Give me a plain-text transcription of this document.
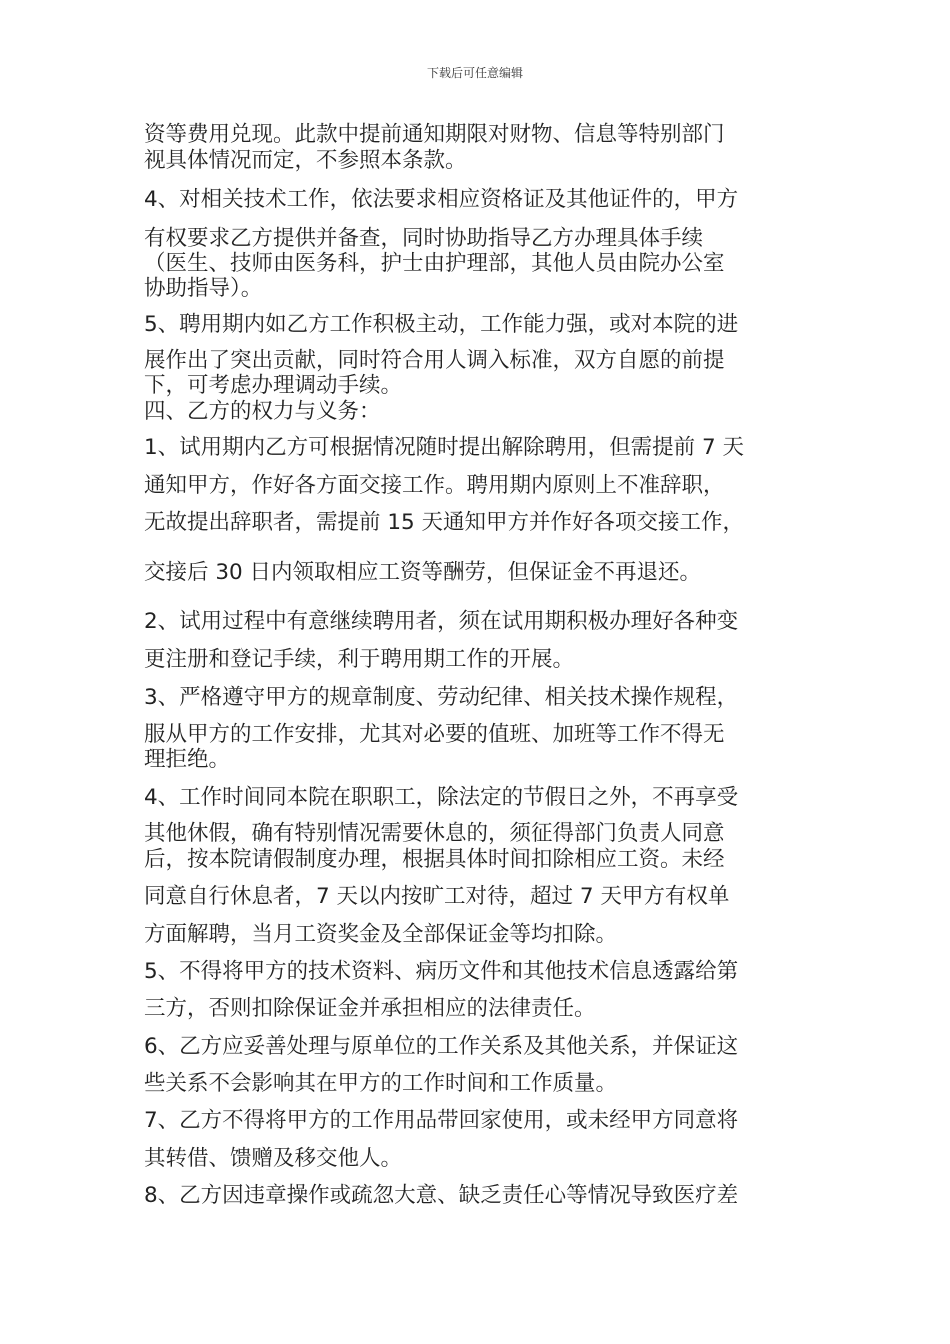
下载后可任意编辑
资等费用兑现。此款中提前通知期限对财物、信息等特别部门
视具体情况而定，不参照本条款。
4、对相关技术工作，依法要求相应资格证及其他证件的，甲方
有权要求乙方提供并备查，同时协助指导乙方办理具体手续
（医生、技师由医务科，护士由护理部，其他人员由院办公室
协助指导）。
5、聘用期内如乙方工作积极主动，工作能力强，或对本院的进
展作出了突出贡献，同时符合用人调入标准，双方自愿的前提
下，可考虑办理调动手续。
四、乙方的权力与义务：
1、试用期内乙方可根据情况随时提出解除聘用，但需提前 7 天
通知甲方，作好各方面交接工作。聘用期内原则上不准辞职，
无故提出辞职者，需提前 15 天通知甲方并作好各项交接工作，
交接后 30 日内领取相应工资等酬劳，但保证金不再退还。
2、试用过程中有意继续聘用者，须在试用期积极办理好各种变
更注册和登记手续，利于聘用期工作的开展。
3、严格遵守甲方的规章制度、劳动纪律、相关技术操作规程，
服从甲方的工作安排，尤其对必要的值班、加班等工作不得无
理拒绝。
4、工作时间同本院在职职工，除法定的节假日之外，不再享受
其他休假，确有特别情况需要休息的，须征得部门负责人同意
后，按本院请假制度办理，根据具体时间扣除相应工资。未经
同意自行休息者，7 天以内按旷工对待，超过 7 天甲方有权单
方面解聘，当月工资奖金及全部保证金等均扣除。
5、不得将甲方的技术资料、病历文件和其他技术信息透露给第
三方，否则扣除保证金并承担相应的法律责任。
6、乙方应妥善处理与原单位的工作关系及其他关系，并保证这
些关系不会影响其在甲方的工作时间和工作质量。
7、乙方不得将甲方的工作用品带回家使用，或未经甲方同意将
其转借、馈赠及移交他人。
8、乙方因违章操作或疏忽大意、缺乏责任心等情况导致医疗差
